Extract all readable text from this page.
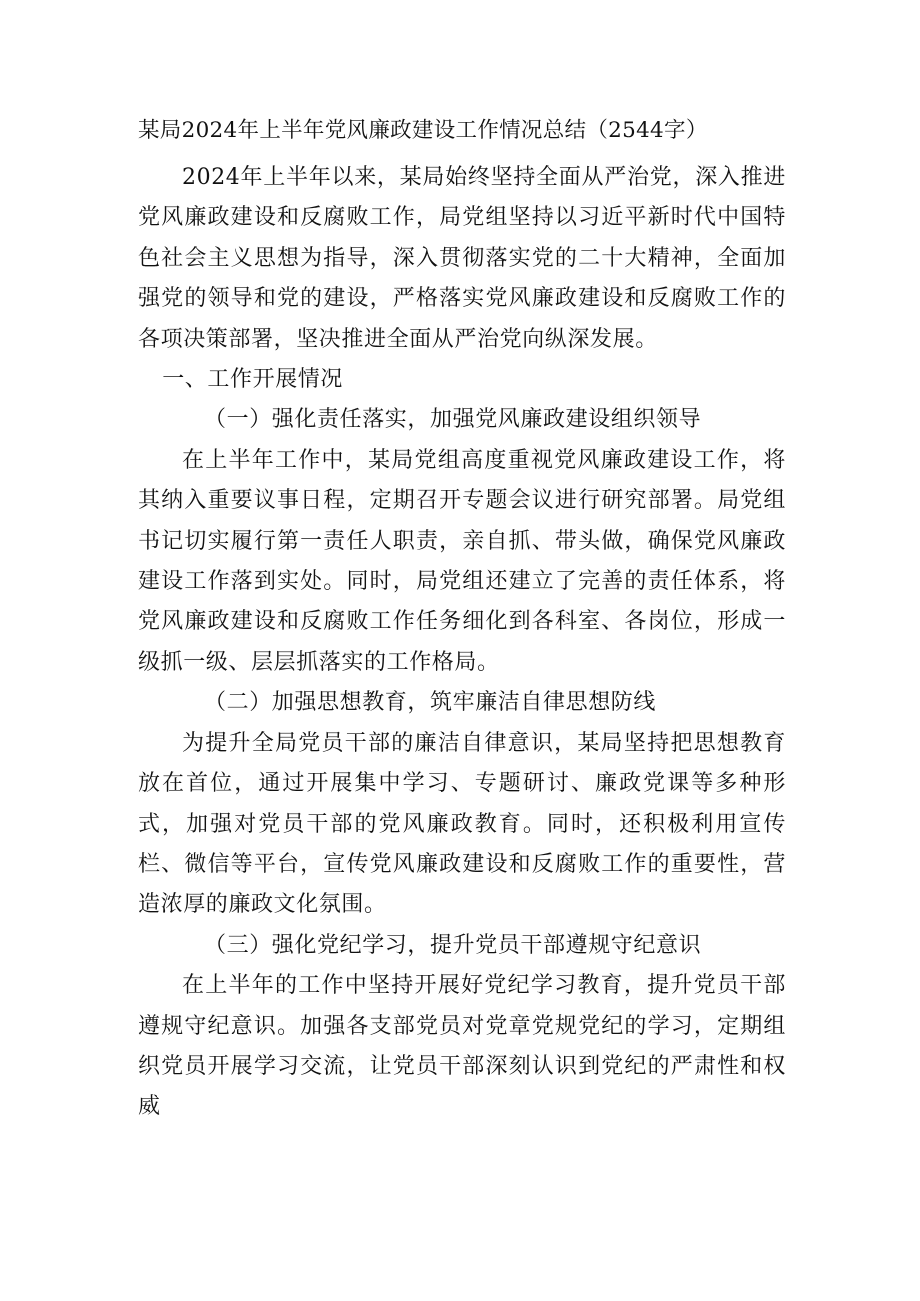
某局2024年上半年党风廉政建设工作情况总结（2544字）

2024年上半年以来，某局始终坚持全面从严治党，深入推进党风廉政建设和反腐败工作，局党组坚持以习近平新时代中国特色社会主义思想为指导，深入贯彻落实党的二十大精神，全面加强党的领导和党的建设，严格落实党风廉政建设和反腐败工作的各项决策部署，坚决推进全面从严治党向纵深发展。

一、工作开展情况

（一）强化责任落实，加强党风廉政建设组织领导

在上半年工作中，某局党组高度重视党风廉政建设工作，将其纳入重要议事日程，定期召开专题会议进行研究部署。局党组书记切实履行第一责任人职责，亲自抓、带头做，确保党风廉政建设工作落到实处。同时，局党组还建立了完善的责任体系，将党风廉政建设和反腐败工作任务细化到各科室、各岗位，形成一级抓一级、层层抓落实的工作格局。

（二）加强思想教育，筑牢廉洁自律思想防线

为提升全局党员干部的廉洁自律意识，某局坚持把思想教育放在首位，通过开展集中学习、专题研讨、廉政党课等多种形式，加强对党员干部的党风廉政教育。同时，还积极利用宣传栏、微信等平台，宣传党风廉政建设和反腐败工作的重要性，营造浓厚的廉政文化氛围。

（三）强化党纪学习，提升党员干部遵规守纪意识

在上半年的工作中坚持开展好党纪学习教育，提升党员干部遵规守纪意识。加强各支部党员对党章党规党纪的学习，定期组织党员开展学习交流，让党员干部深刻认识到党纪的严肃性和权威
